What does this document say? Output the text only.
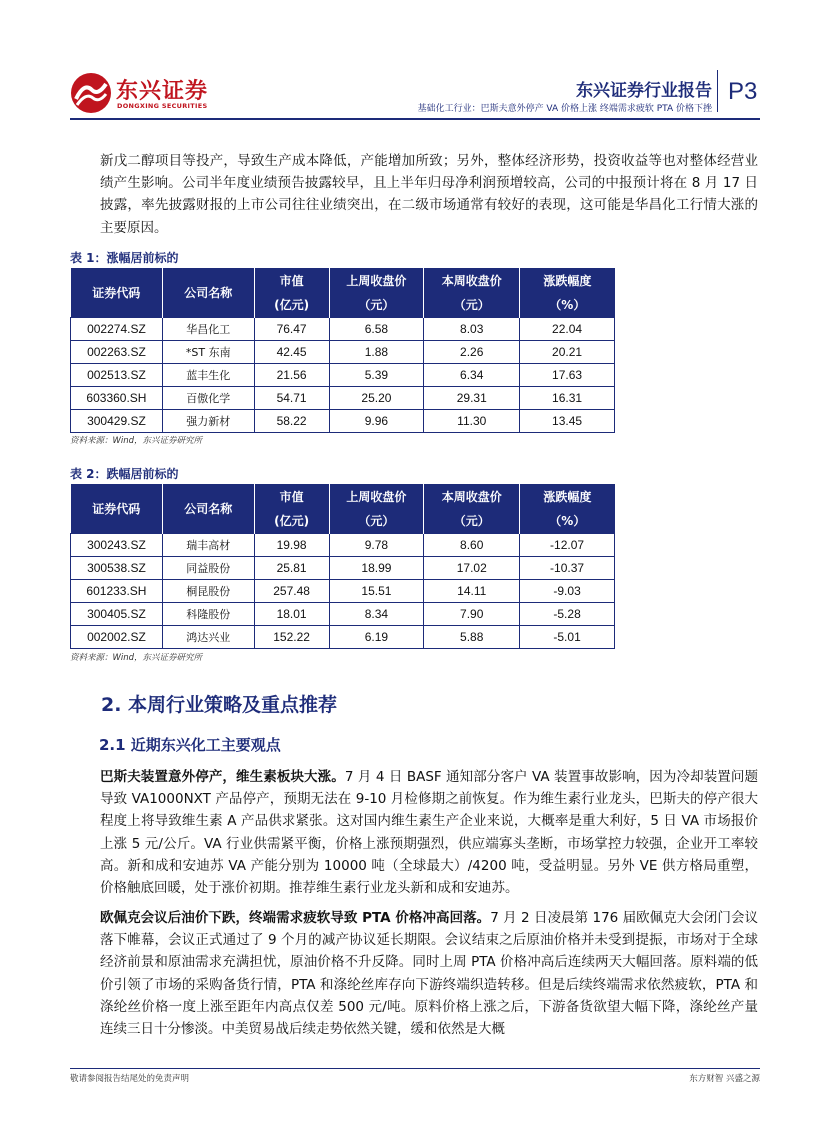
东兴证券
DONGXING SECURITIES
东兴证券行业报告
基础化工行业：巴斯夫意外停产 VA 价格上涨 终端需求疲软 PTA 价格下挫
P3
新戊二醇项目等投产，导致生产成本降低，产能增加所致；另外，整体经济形势，投资收益等也对整体经营业绩产生影响。公司半年度业绩预告披露较早，且上半年归母净利润预增较高，公司的中报预计将在 8 月 17 日披露，率先披露财报的上市公司往往业绩突出，在二级市场通常有较好的表现，这可能是华昌化工行情大涨的主要原因。
表 1：涨幅居前标的
证券代码	公司名称	市值	上周收盘价	本周收盘价	涨跌幅度
		(亿元)	（元）	（元）	（%）
002274.SZ	华昌化工	76.47	6.58	8.03	22.04
002263.SZ	*ST 东南	42.45	1.88	2.26	20.21
002513.SZ	蓝丰生化	21.56	5.39	6.34	17.63
603360.SH	百傲化学	54.71	25.20	29.31	16.31
300429.SZ	强力新材	58.22	9.96	11.30	13.45
资料来源：Wind，东兴证券研究所
表 2：跌幅居前标的
证券代码	公司名称	市值	上周收盘价	本周收盘价	涨跌幅度
		(亿元)	（元）	（元）	（%）
300243.SZ	瑞丰高材	19.98	9.78	8.60	-12.07
300538.SZ	同益股份	25.81	18.99	17.02	-10.37
601233.SH	桐昆股份	257.48	15.51	14.11	-9.03
300405.SZ	科隆股份	18.01	8.34	7.90	-5.28
002002.SZ	鸿达兴业	152.22	6.19	5.88	-5.01
资料来源：Wind，东兴证券研究所
2. 本周行业策略及重点推荐
2.1 近期东兴化工主要观点
巴斯夫装置意外停产，维生素板块大涨。7 月 4 日 BASF 通知部分客户 VA 装置事故影响，因为冷却装置问题导致 VA1000NXT 产品停产，预期无法在 9-10 月检修期之前恢复。作为维生素行业龙头，巴斯夫的停产很大程度上将导致维生素 A 产品供求紧张。这对国内维生素生产企业来说，大概率是重大利好，5 日 VA 市场报价上涨 5 元/公斤。VA 行业供需紧平衡，价格上涨预期强烈，供应端寡头垄断，市场掌控力较强，企业开工率较高。新和成和安迪苏 VA 产能分别为 10000 吨（全球最大）/4200 吨，受益明显。另外 VE 供方格局重塑，价格触底回暖，处于涨价初期。推荐维生素行业龙头新和成和安迪苏。
欧佩克会议后油价下跌，终端需求疲软导致 PTA 价格冲高回落。7 月 2 日凌晨第 176 届欧佩克大会闭门会议落下帷幕，会议正式通过了 9 个月的减产协议延长期限。会议结束之后原油价格并未受到提振，市场对于全球经济前景和原油需求充满担忧，原油价格不升反降。同时上周 PTA 价格冲高后连续两天大幅回落。原料端的低价引领了市场的采购备货行情，PTA 和涤纶丝库存向下游终端织造转移。但是后续终端需求依然疲软，PTA 和涤纶丝价格一度上涨至距年内高点仅差 500 元/吨。原料价格上涨之后，下游备货欲望大幅下降，涤纶丝产量连续三日十分惨淡。中美贸易战后续走势依然关键，缓和依然是大概
敬请参阅报告结尾处的免责声明	东方财智 兴盛之源
